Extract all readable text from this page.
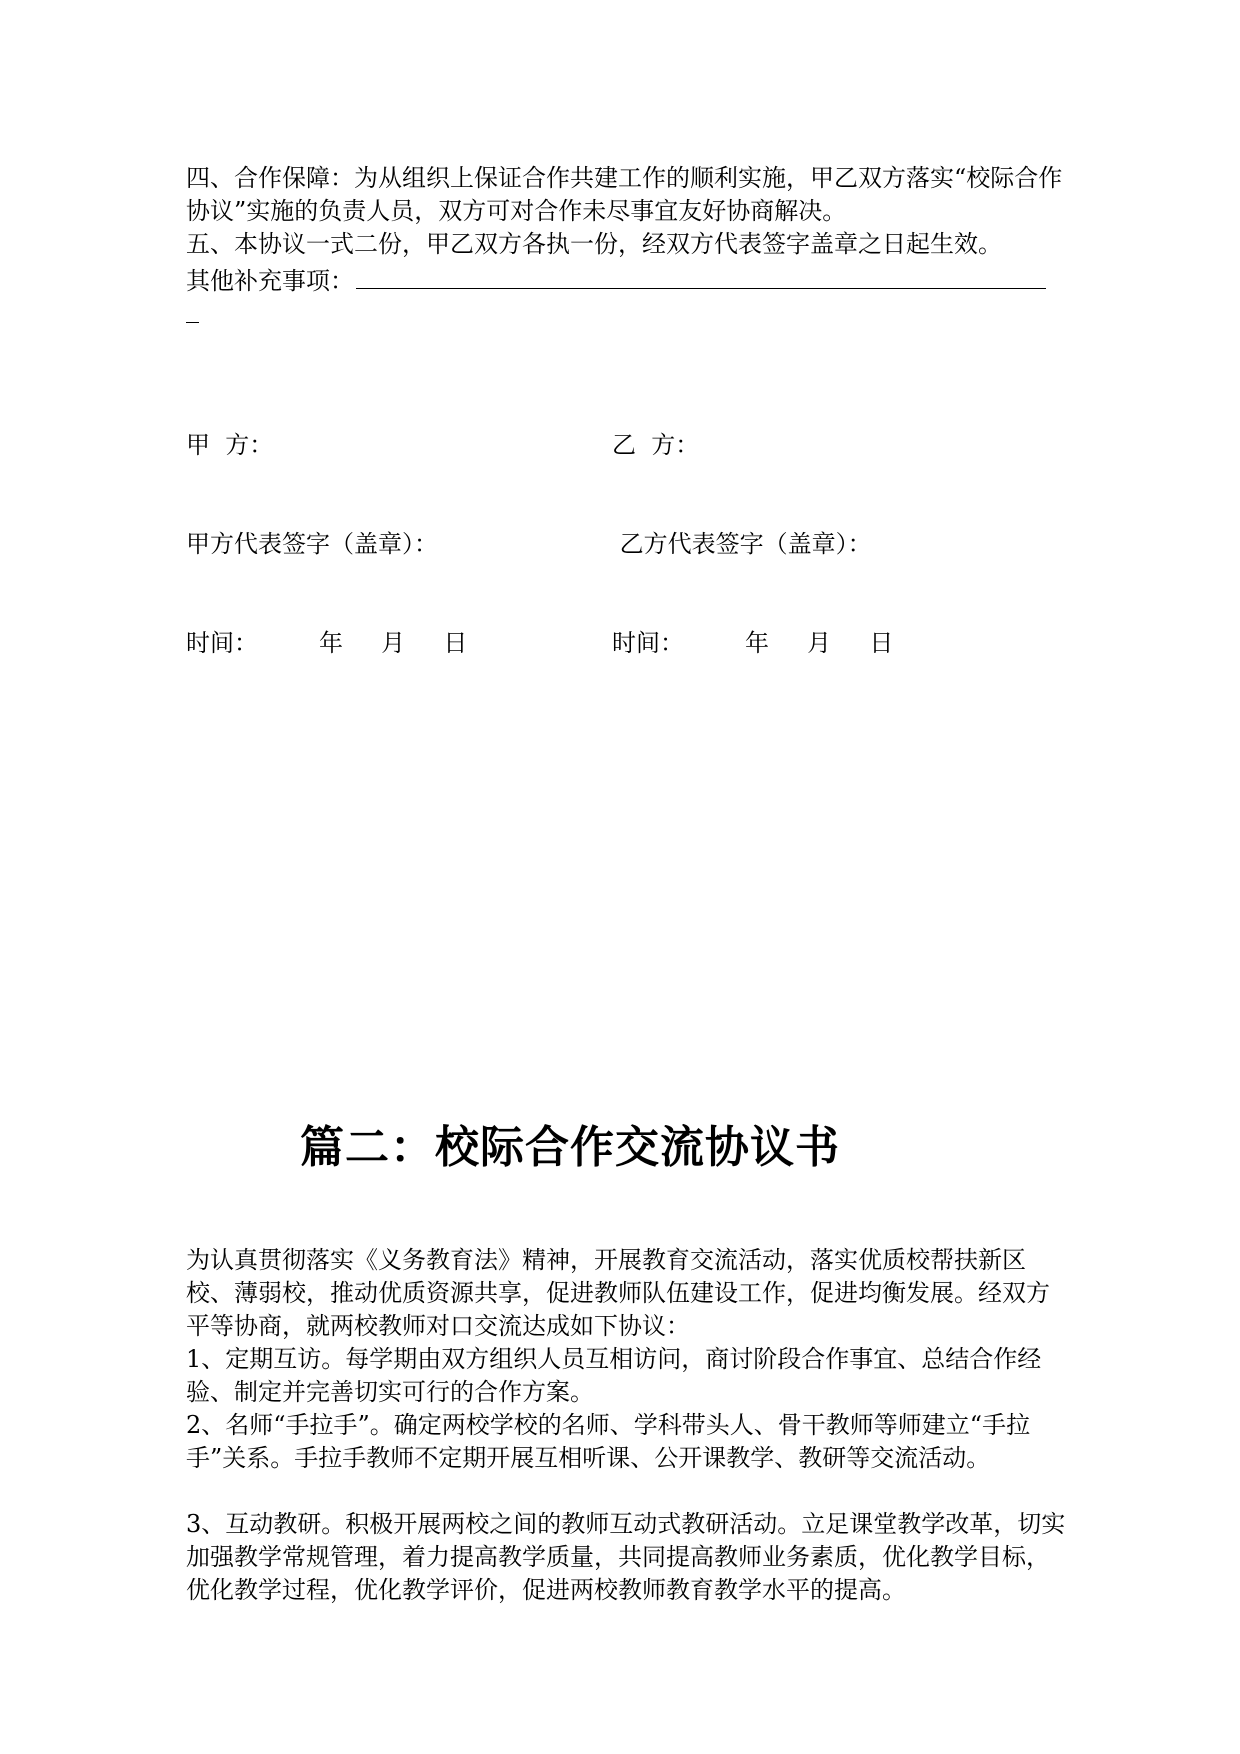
四、合作保障：为从组织上保证合作共建工作的顺利实施，甲乙双方落实“校际合作协议”实施的负责人员，双方可对合作未尽事宜友好协商解决。

五、本协议一式二份，甲乙双方各执一份，经双方代表签字盖章之日起生效。

其他补充事项：

甲  方：

甲方代表签字（盖章）：

时间：        年     月     日

乙  方：

乙方代表签字（盖章）：

时间：        年     月     日

篇二：校际合作交流协议书

为认真贯彻落实《义务教育法》精神，开展教育交流活动，落实优质校帮扶新区校、薄弱校，推动优质资源共享，促进教师队伍建设工作，促进均衡发展。经双方平等协商，就两校教师对口交流达成如下协议：

1、定期互访。每学期由双方组织人员互相访问，商讨阶段合作事宜、总结合作经验、制定并完善切实可行的合作方案。

2、名师“手拉手”。确定两校学校的名师、学科带头人、骨干教师等师建立“手拉手”关系。手拉手教师不定期开展互相听课、公开课教学、教研等交流活动。

3、互动教研。积极开展两校之间的教师互动式教研活动。立足课堂教学改革，切实加强教学常规管理，着力提高教学质量，共同提高教师业务素质，优化教学目标，优化教学过程，优化教学评价，促进两校教师教育教学水平的提高。
